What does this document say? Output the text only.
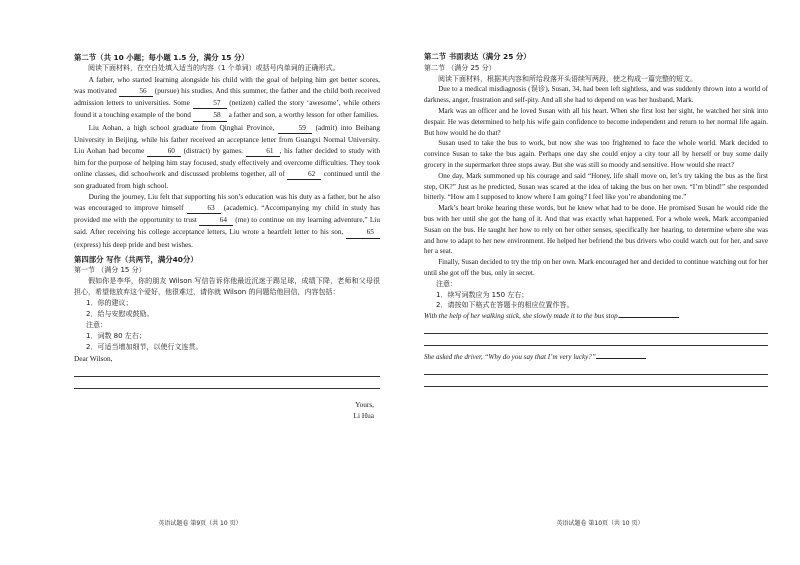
第二节（共 10 小题；每小题 1.5 分，满分 15 分）

阅读下面材料，在空白处填入适当的内容（1 个单词）或括号内单词的正确形式。

A father, who started learning alongside his child with the goal of helping him get better scores, was motivated	56 (pursue) his studies. And this summer, the father and the child both received admission letters to universities. Some	57 (netizen) called the story ‘awesome’, while others found it a touching example of the bond	58 a father and son, a worthy lesson for other families.

Liu Aohan, a high school graduate from Qinghai Province,	59 (admit) into Beihang University in Beijing, while his father received an acceptance letter from Guangxi Normal University. Liu Aohan had become	60 (distract) by games.	61 , his father decided to study with him for the purpose of helping him stay focused, study effectively and overcome difficulties. They took online classes, did schoolwork and discussed problems together, all of	62 continued until the son graduated from high school.

During the journey, Liu felt that supporting his son’s education was his duty as a father, but he also was encouraged to improve himself	63 (academic). “Accompanying my child in study has provided me with the opportunity to trust	64 (me) to continue on my learning adventure,” Liu said. After receiving his college acceptance letters, Liu wrote a heartfelt letter to his son,	65 (express) his deep pride and best wishes.

第四部分 写作（共两节，满分40分）

第一节 （满分 15 分）

假如你是李华，你的朋友 Wilson 写信告诉你他最近沉迷于踢足球，成绩下降，老师和父母很担心，希望他放弃这个爱好，他很难过，请你就 Wilson 的问题给他回信，内容包括：

1．你的建议；

2．给与安慰或鼓励。

注意：

1．词数 80 左右；

2．可适当增加细节，以使行文连贯。

Dear Wilson,

Yours,

Li Hua

英语试题卷 第9页（共 10 页）

第二节 书面表达（满分 25 分）

第二节 （满分 25 分）

阅读下面材料，根据其内容和所给段落开头语续写两段，使之构成一篇完整的短文。

Due to a medical misdiagnosis (误诊), Susan, 34, had been left sightless, and was suddenly thrown into a world of darkness, anger, frustration and self-pity. And all she had to depend on was her husband, Mark.

Mark was an officer and he loved Susan with all his heart. When she first lost her sight, he watched her sink into despair. He was determined to help his wife gain confidence to become independent and return to her normal life again. But how would he do that?

Susan used to take the bus to work, but now she was too frightened to face the whole world. Mark decided to convince Susan to take the bus again. Perhaps one day she could enjoy a city tour all by herself or buy some daily grocery in the supermarket three stops away. But she was still so moody and sensitive. How would she react?

One day, Mark summoned up his courage and said “Honey, life shall move on, let’s try taking the bus as the first step, OK?” Just as he predicted, Susan was scared at the idea of taking the bus on her own. “I’m blind!” she responded bitterly. “How am I supposed to know where I am going? I feel like you’re abandoning me.”

Mark’s heart broke hearing these words, but he knew what had to be done. He promised Susan he would ride the bus with her until she got the hang of it. And that was exactly what happened. For a whole week, Mark accompanied Susan on the bus. He taught her how to rely on her other senses, specifically her hearing, to determine where she was and how to adapt to her new environment. He helped her befriend the bus drivers who could watch out for her, and save her a seat.

Finally, Susan decided to try the trip on her own. Mark encouraged her and decided to continue watching out for her until she got off the bus, only in secret.

注意：

1．续写词数应为 150 左右；

2．请按如下格式在答题卡的相应位置作答。

With the help of her walking stick, she slowly made it to the bus stop.

She asked the driver, “Why do you say that I’m very lucky?”

英语试题卷 第10页（共 10 页）
